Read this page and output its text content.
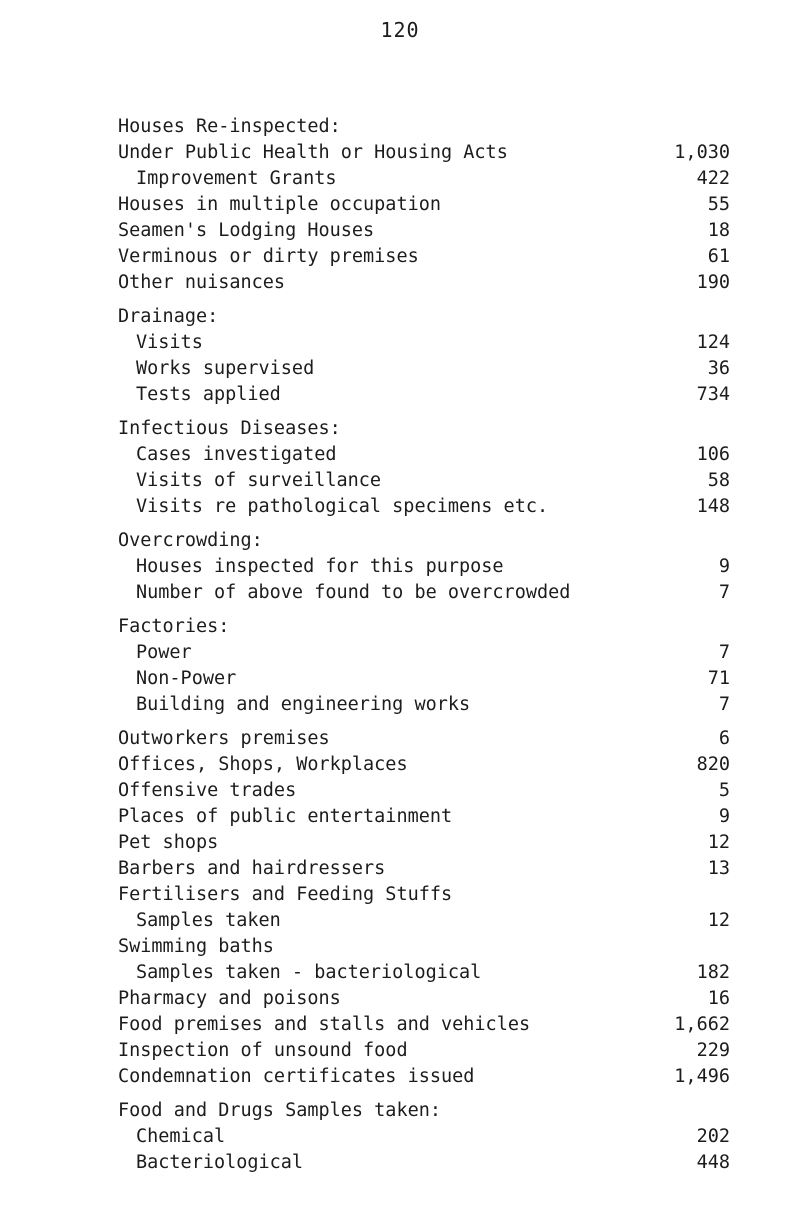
120
Houses Re-inspected:
Under Public Health or Housing Acts	1,030
Improvement Grants	422
Houses in multiple occupation	55
Seamen's Lodging Houses	18
Verminous or dirty premises	61
Other nuisances	190
Drainage:
Visits	124
Works supervised	36
Tests applied	734
Infectious Diseases:
Cases investigated	106
Visits of surveillance	58
Visits re pathological specimens etc.	148
Overcrowding:
Houses inspected for this purpose	9
Number of above found to be overcrowded	7
Factories:
Power	7
Non-Power	71
Building and engineering works	7
Outworkers premises	6
Offices, Shops, Workplaces	820
Offensive trades	5
Places of public entertainment	9
Pet shops	12
Barbers and hairdressers	13
Fertilisers and Feeding Stuffs
Samples taken	12
Swimming baths
Samples taken - bacteriological	182
Pharmacy and poisons	16
Food premises and stalls and vehicles	1,662
Inspection of unsound food	229
Condemnation certificates issued	1,496
Food and Drugs Samples taken:
Chemical	202
Bacteriological	448
